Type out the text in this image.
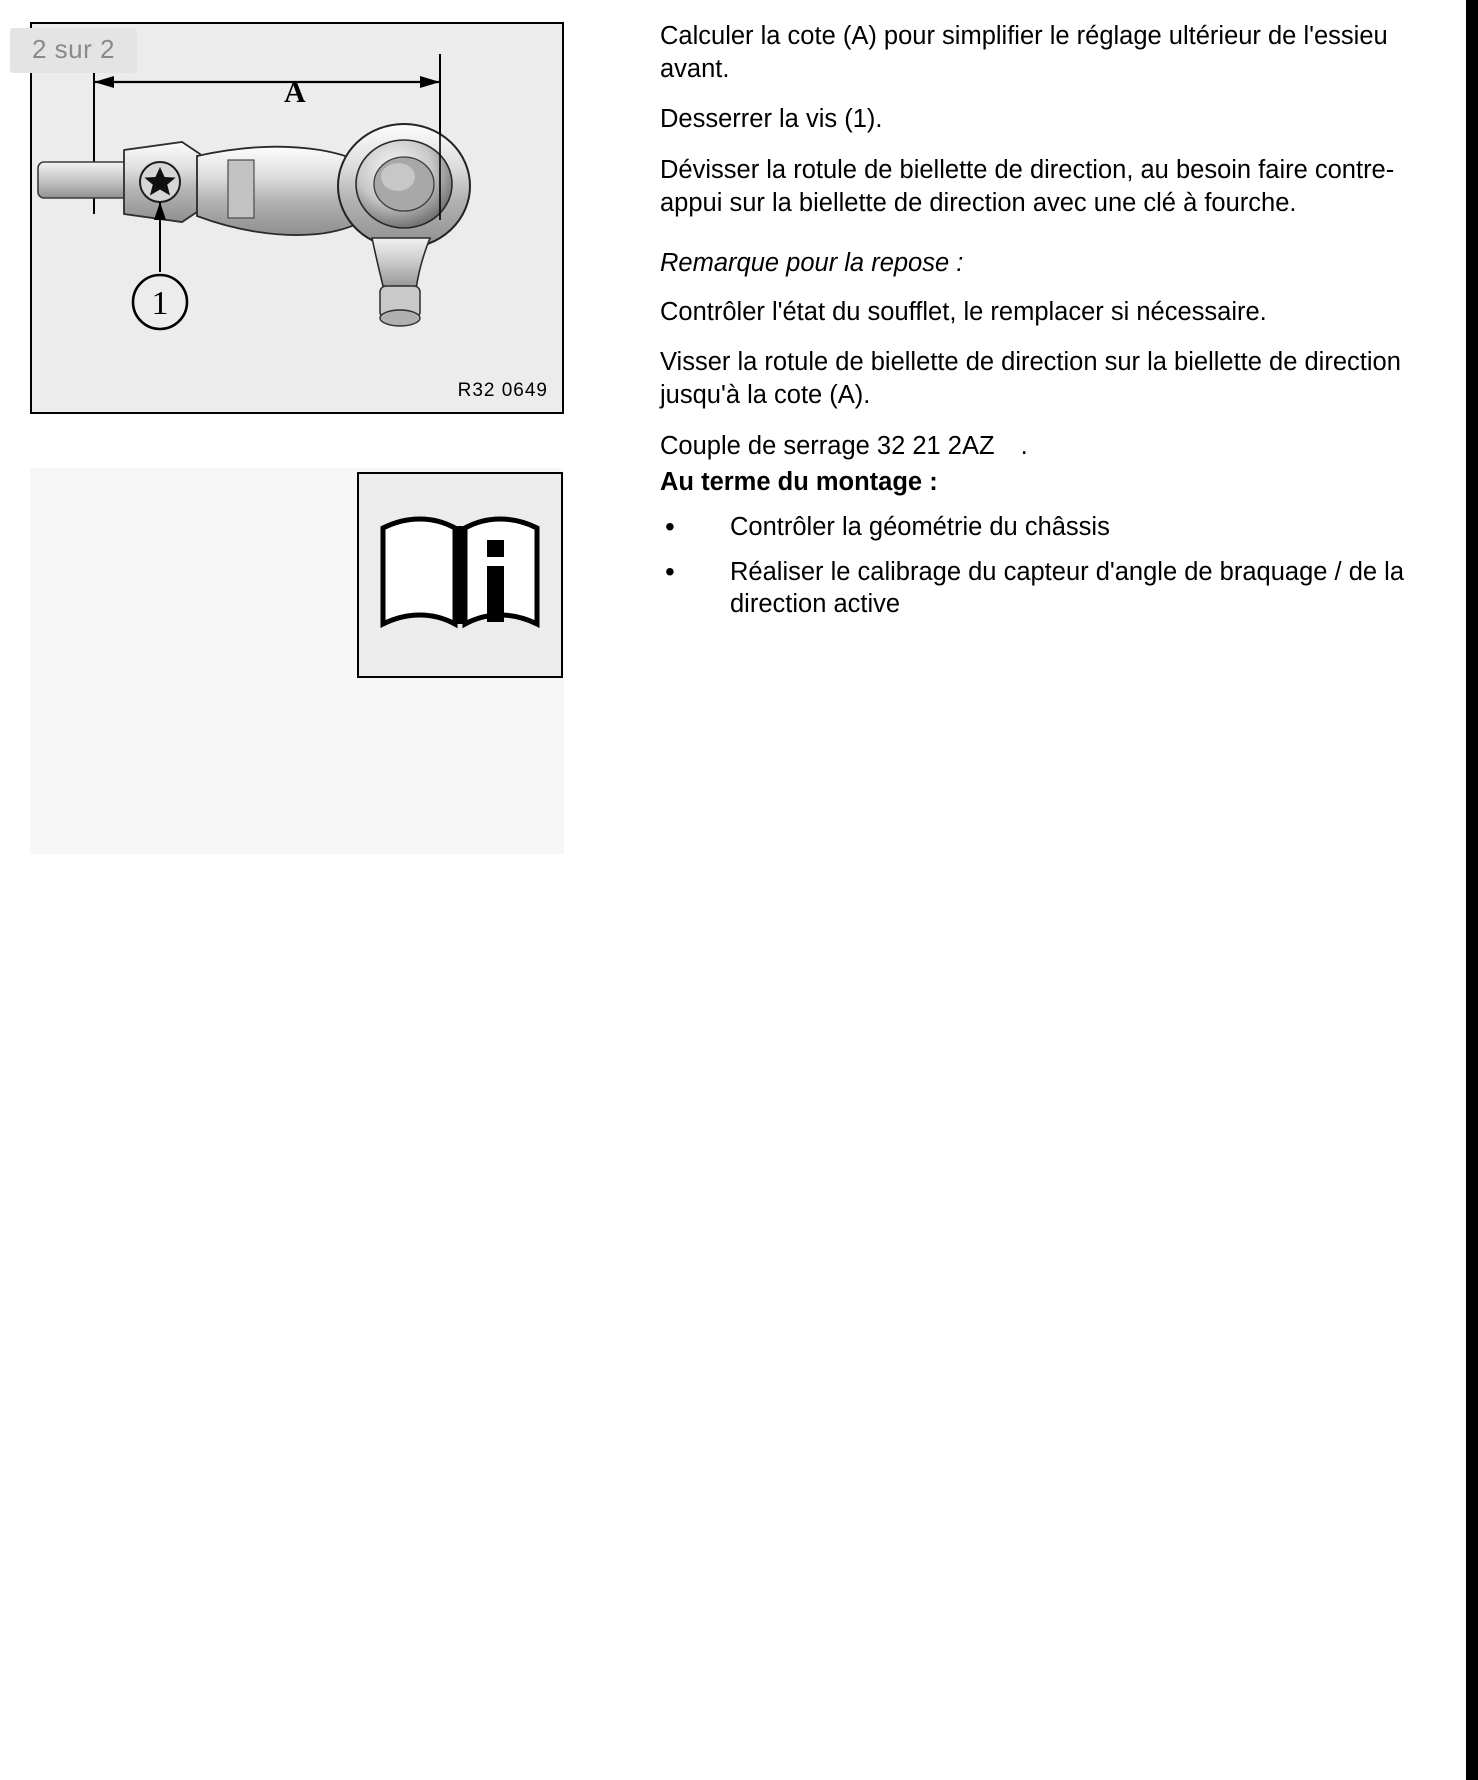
1
A
R32 0649
2 sur 2	Calculer la cote (A) pour simplifier le réglage ultérieur de l'essieu avant.

Desserrer la vis (1).

Dévisser la rotule de biellette de direction, au besoin faire contre-appui sur la biellette de direction avec une clé à fourche.

Remarque pour la repose :

Contrôler l'état du soufflet, le remplacer si nécessaire.

Visser la rotule de biellette de direction sur la biellette de direction jusqu'à la cote (A).

Couple de serrage 32 21 2AZ .

Au terme du montage :

• Contrôler la géométrie du châssis
• Réaliser le calibrage du capteur d'angle de braquage / de la direction active
